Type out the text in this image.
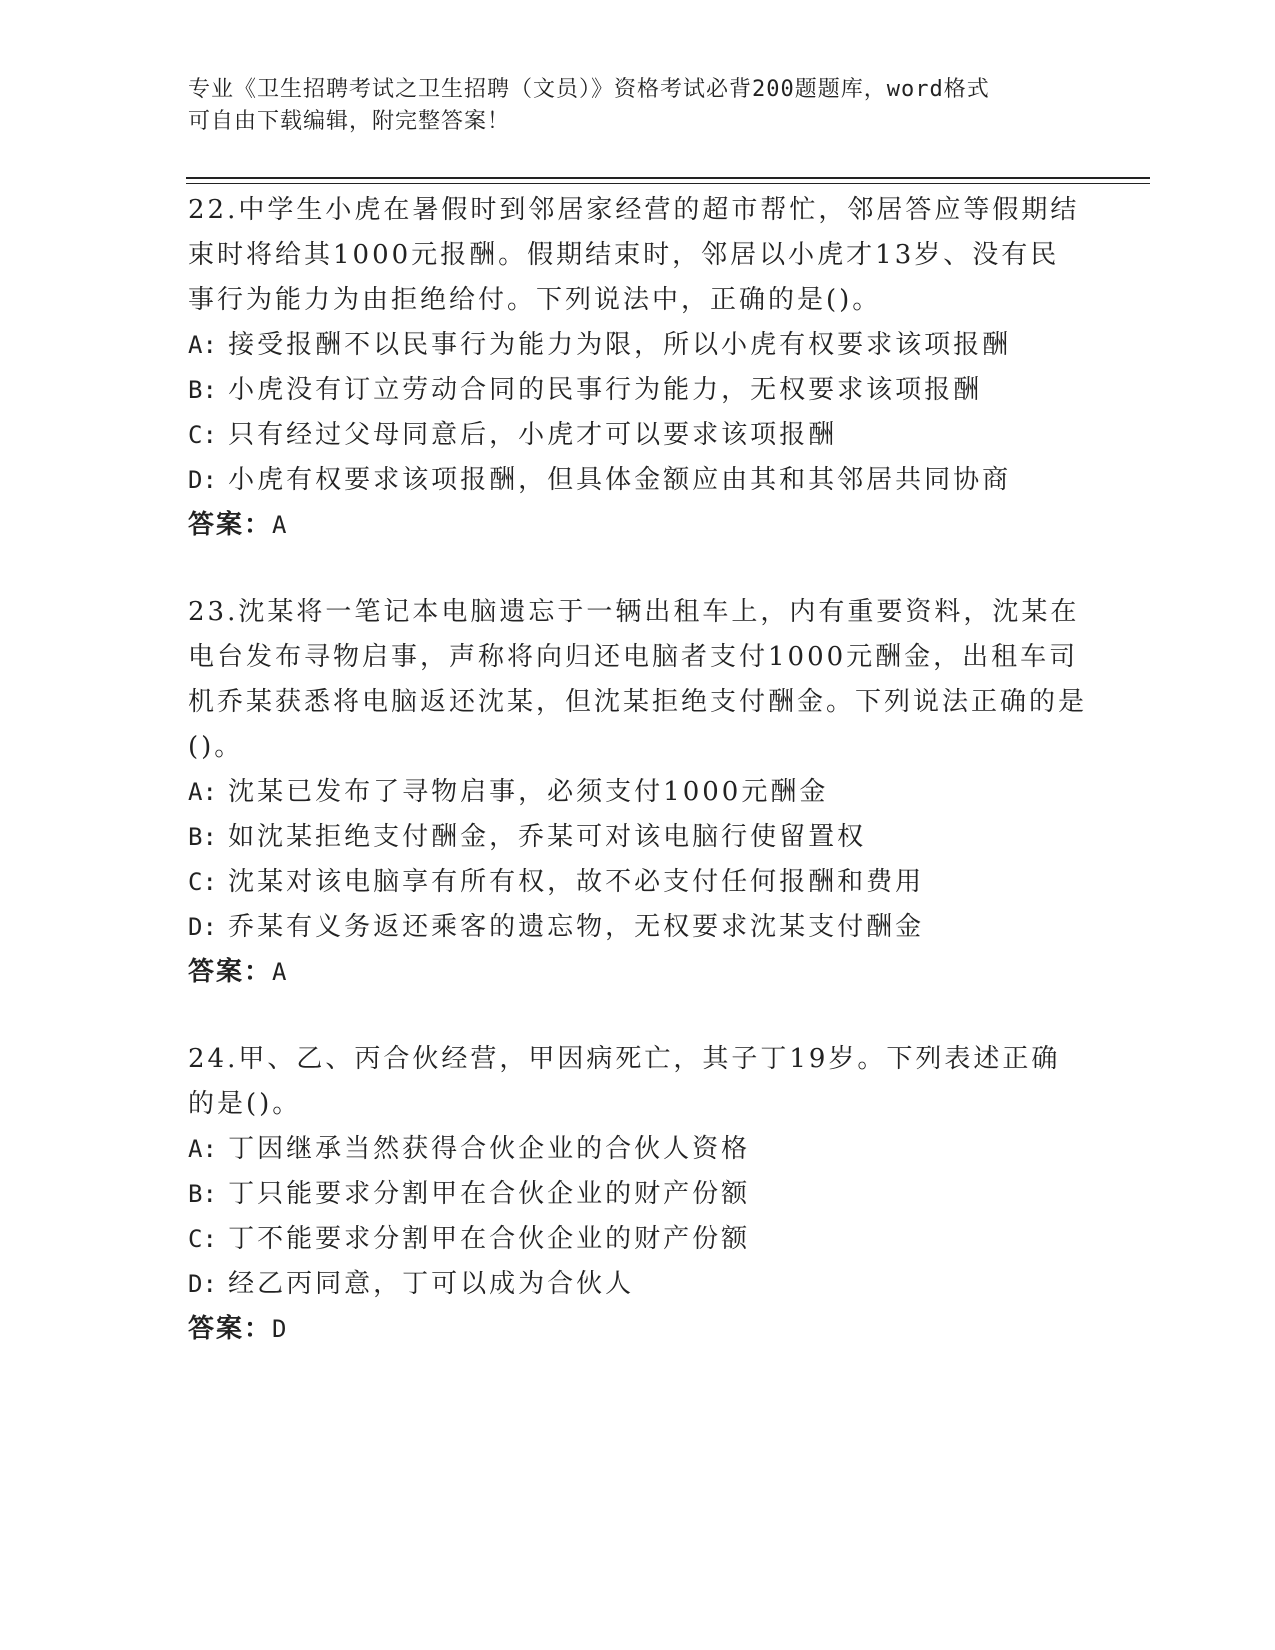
专业《卫生招聘考试之卫生招聘（文员）》资格考试必背200题题库，word格式

可自由下载编辑，附完整答案！

22.中学生小虎在暑假时到邻居家经营的超市帮忙，邻居答应等假期结束时将给其1000元报酬。假期结束时，邻居以小虎才13岁、没有民事行为能力为由拒绝给付。下列说法中，正确的是()。

A: 接受报酬不以民事行为能力为限，所以小虎有权要求该项报酬

B: 小虎没有订立劳动合同的民事行为能力，无权要求该项报酬

C: 只有经过父母同意后，小虎才可以要求该项报酬

D: 小虎有权要求该项报酬，但具体金额应由其和其邻居共同协商

答案：A

23.沈某将一笔记本电脑遗忘于一辆出租车上，内有重要资料，沈某在电台发布寻物启事，声称将向归还电脑者支付1000元酬金，出租车司机乔某获悉将电脑返还沈某，但沈某拒绝支付酬金。下列说法正确的是()。

A: 沈某已发布了寻物启事，必须支付1000元酬金

B: 如沈某拒绝支付酬金，乔某可对该电脑行使留置权

C: 沈某对该电脑享有所有权，故不必支付任何报酬和费用

D: 乔某有义务返还乘客的遗忘物，无权要求沈某支付酬金

答案：A

24.甲、乙、丙合伙经营，甲因病死亡，其子丁19岁。下列表述正确的是()。

A: 丁因继承当然获得合伙企业的合伙人资格

B: 丁只能要求分割甲在合伙企业的财产份额

C: 丁不能要求分割甲在合伙企业的财产份额

D: 经乙丙同意，丁可以成为合伙人

答案：D
